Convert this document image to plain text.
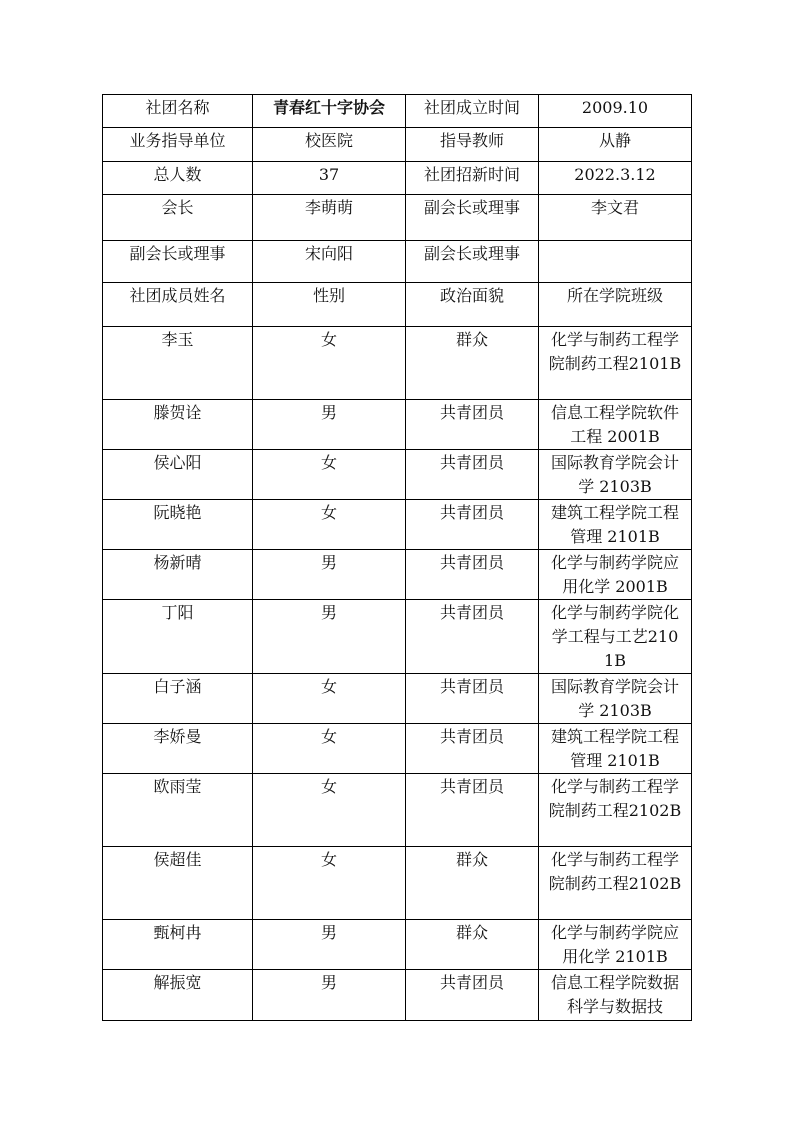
社团名称	青春红十字协会	社团成立时间	2009.10
业务指导单位	校医院	指导教师	从静
总人数	37	社团招新时间	2022.3.12
会长	李萌萌	副会长或理事	李文君
副会长或理事	宋向阳	副会长或理事	
社团成员姓名	性别	政治面貌	所在学院班级
李玉	女	群众	化学与制药工程学院制药工程2101B
滕贺诠	男	共青团员	信息工程学院软件工程 2001B
侯心阳	女	共青团员	国际教育学院会计学 2103B
阮晓艳	女	共青团员	建筑工程学院工程管理 2101B
杨新晴	男	共青团员	化学与制药学院应用化学 2001B
丁阳	男	共青团员	化学与制药学院化学工程与工艺2101B
白子涵	女	共青团员	国际教育学院会计学 2103B
李娇曼	女	共青团员	建筑工程学院工程管理 2101B
欧雨莹	女	共青团员	化学与制药工程学院制药工程2102B
侯超佳	女	群众	化学与制药工程学院制药工程2102B
甄柯冉	男	群众	化学与制药学院应用化学 2101B
解振宽	男	共青团员	信息工程学院数据科学与数据技
